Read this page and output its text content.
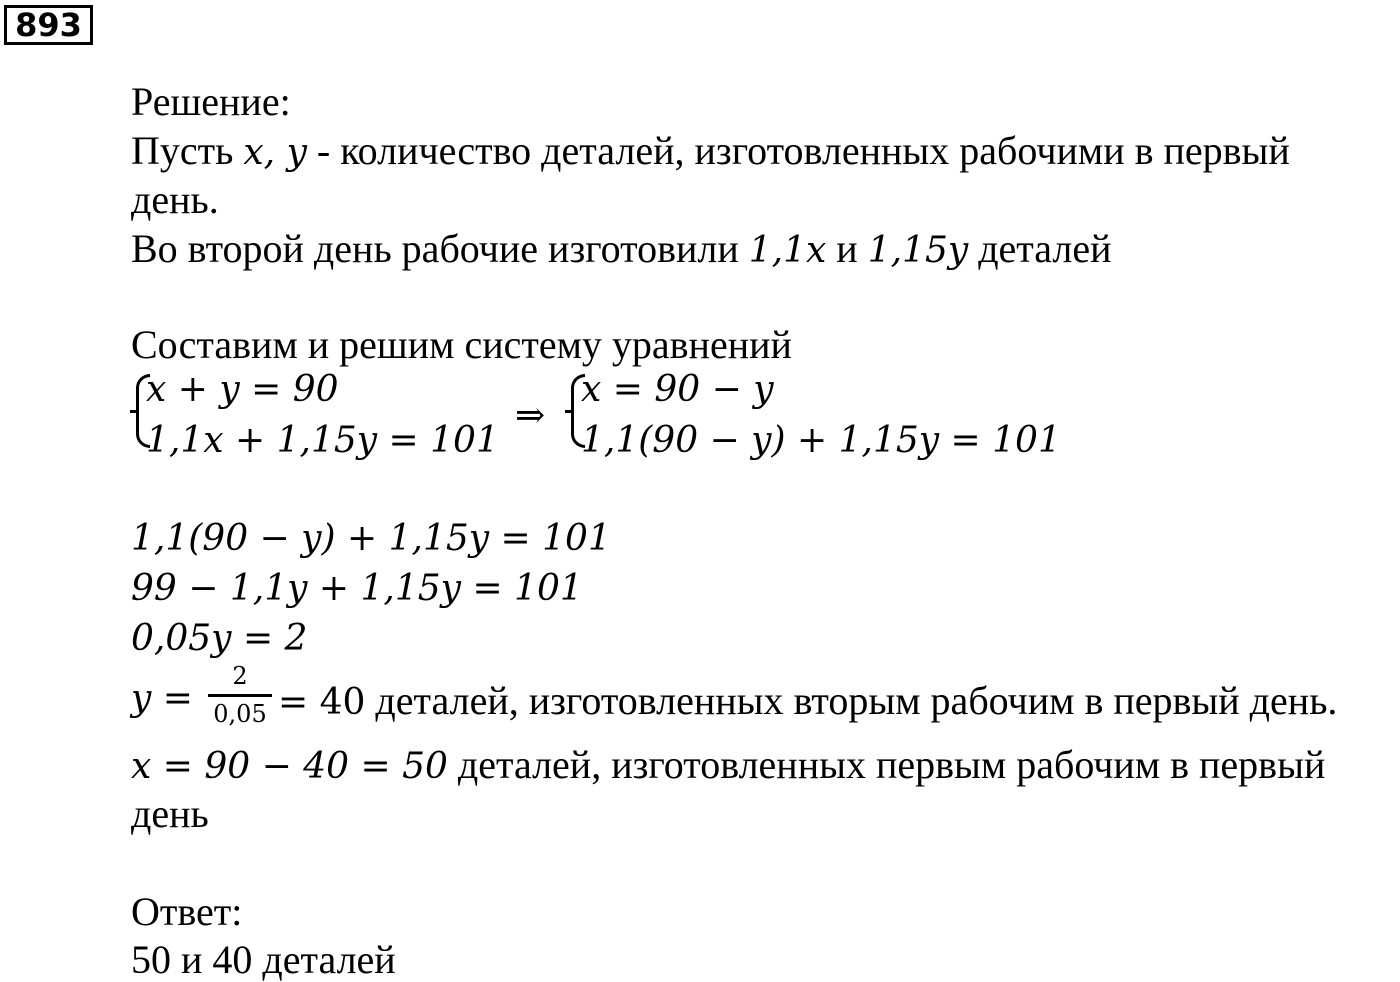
893
Решение:
Пусть x, y - количество деталей, изготовленных рабочими в первый
день.
Во второй день рабочие изготовили 1,1x и 1,15y деталей
Составим и решим систему уравнений
x + y = 90
1,1x + 1,15y = 101
⇒
x = 90 − y
1,1(90 − y) + 1,15y = 101
1,1(90 − y) + 1,15y = 101
99 − 1,1y + 1,15y = 101
0,05y = 2
y =
2
0,05 = 40 деталей, изготовленных вторым рабочим в первый день.
x = 90 − 40 = 50 деталей, изготовленных первым рабочим в первый
день
Ответ:
50 и 40 деталей
